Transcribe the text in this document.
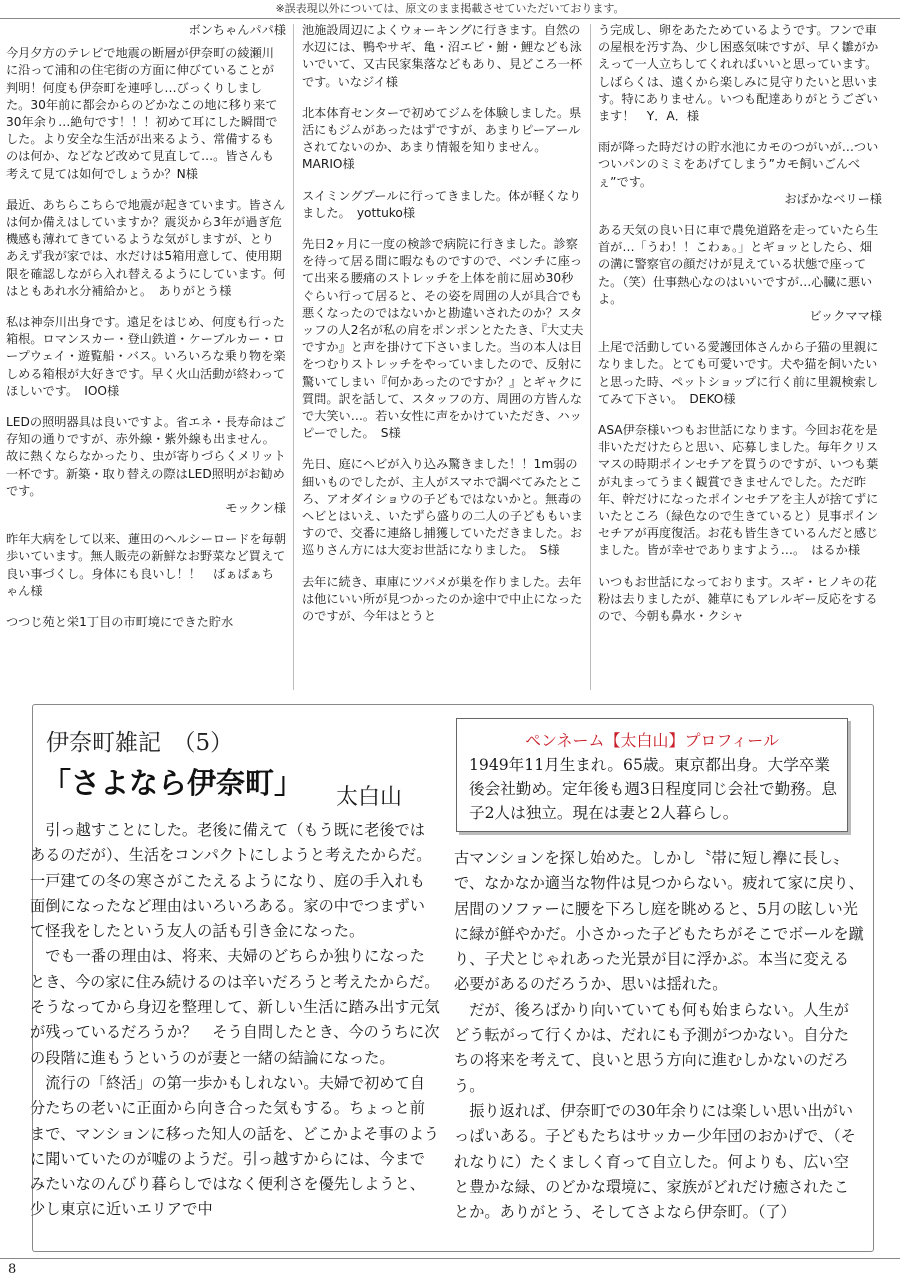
※誤表現以外については、原文のまま掲載させていただいております。
ボンちゃんパパ様
今月夕方のテレビで地震の断層が伊奈町の綾瀬川に沿って浦和の住宅街の方面に伸びていることが判明！何度も伊奈町を連呼し…びっくりしました。30年前に都会からのどかなこの地に移り来て30年余り…絶句です！！！初めて耳にした瞬間でした。より安全な生活が出来るよう、常備するものは何か、などなど改めて見直して…。皆さんも考えて見ては如何でしょうか？N様
最近、あちらこちらで地震が起きています。皆さんは何か備えはしていますか？震災から3年が過ぎ危機感も薄れてきているような気がしますが、とりあえず我が家では、水だけは5箱用意して、使用期限を確認しながら入れ替えるようにしています。何はともあれ水分補給かと。　ありがとう様
私は神奈川出身です。遠足をはじめ、何度も行った箱根。ロマンスカー・登山鉄道・ケーブルカー・ロープウェイ・遊覧船・バス。いろいろな乗り物を楽しめる箱根が大好きです。早く火山活動が終わってほしいです。　IOO様
LEDの照明器具は良いですよ。省エネ・長寿命はご存知の通りですが、赤外線・紫外線も出ません。故に熱くならなかったり、虫が寄りづらくメリット一杯です。新築・取り替えの際はLED照明がお勧めです。
モックン様
昨年大病をして以来、蓮田のヘルシーロードを毎朝歩いています。無人販売の新鮮なお野菜など買えて良い事づくし。身体にも良いし！！　ばぁばぁちゃん様
つつじ苑と栄1丁目の市町境にできた貯水
池施設周辺によくウォーキングに行きます。自然の水辺には、鴨やサギ、亀・沼エビ・鮒・鯉なども泳いでいて、又古民家集落などもあり、見どころ一杯です。いなジイ様
北本体育センターで初めてジムを体験しました。県活にもジムがあったはずですが、あまりピーアールされてないのか、あまり情報を知りません。　MARIO様
スイミングプールに行ってきました。体が軽くなりました。　yottuko様
先日2ヶ月に一度の検診で病院に行きました。診察を待って居る間に暇なものですので、ベンチに座って出来る腰痛のストレッチを上体を前に屈め30秒ぐらい行って居ると、その姿を周囲の人が具合でも悪くなったのではないかと勘違いされたのか？スタッフの人2名が私の肩をポンポンとたたき、『大丈夫ですか』と声を掛けて下さいました。当の本人は目をつむりストレッチをやっていましたので、反射に驚いてしまい『何かあったのですか？』とギャクに質問。訳を話して、スタッフの方、周囲の方皆んなで大笑い…。若い女性に声をかけていただき、ハッピーでした。　S様
先日、庭にヘビが入り込み驚きました！！1m弱の細いものでしたが、主人がスマホで調べてみたところ、アオダイショウの子どもではないかと。無毒のヘビとはいえ、いたずら盛りの二人の子どももいますので、交番に連絡し捕獲していただきました。お巡りさん方には大変お世話になりました。　S様
去年に続き、車庫にツバメが巣を作りました。去年は他にいい所が見つかったのか途中で中止になったのですが、今年はとうと
う完成し、卵をあたためているようです。フンで車の屋根を汚す為、少し困惑気味ですが、早く雛がかえって一人立ちしてくれればいいと思っています。しばらくは、遠くから楽しみに見守りたいと思います。特にありません。いつも配達ありがとうございます！　Y．A．様
雨が降った時だけの貯水池にカモのつがいが…ついついパンのミミをあげてしまう”カモ飼いごんべぇ”です。
おばかなベリー様
ある天気の良い日に車で農免道路を走っていたら生首が…「うわ！！こわぁ。」とギョッとしたら、畑の溝に警察官の顔だけが見えている状態で座ってた。（笑）仕事熱心なのはいいですが…心臓に悪いよ。
ビックママ様
上尾で活動している愛護団体さんから子猫の里親になりました。とても可愛いです。犬や猫を飼いたいと思った時、ペットショップに行く前に里親検索してみて下さい。　DEKO様
ASA伊奈様いつもお世話になります。今回お花を是非いただけたらと思い、応募しました。毎年クリスマスの時期ポインセチアを買うのですが、いつも葉が丸まってうまく観賞できませんでした。ただ昨年、幹だけになったポインセチアを主人が捨てずにいたところ（緑色なので生きていると）見事ポインセチアが再度復活。お花も皆生きているんだと感じました。皆が幸せでありますよう…。　はるか様
いつもお世話になっております。スギ・ヒノキの花粉は去りましたが、雑草にもアレルギー反応をするので、今朝も鼻水・クシャ
伊奈町雑記　（5）
「さよなら伊奈町」	太白山
ペンネーム【太白山】プロフィール
1949年11月生まれ。65歳。東京都出身。大学卒業後会社勤め。定年後も週3日程度同じ会社で勤務。息子2人は独立。現在は妻と2人暮らし。

引っ越すことにした。老後に備えて（もう既に老後ではあるのだが）、生活をコンパクトにしようと考えたからだ。一戸建ての冬の寒さがこたえるようになり、庭の手入れも面倒になったなど理由はいろいろある。家の中でつまずいて怪我をしたという友人の話も引き金になった。

でも一番の理由は、将来、夫婦のどちらか独りになったとき、今の家に住み続けるのは辛いだろうと考えたからだ。そうなってから身辺を整理して、新しい生活に踏み出す元気が残っているだろうか？　そう自問したとき、今のうちに次の段階に進もうというのが妻と一緒の結論になった。

流行の「終活」の第一歩かもしれない。夫婦で初めて自分たちの老いに正面から向き合った気もする。ちょっと前まで、マンションに移った知人の話を、どこかよそ事のように聞いていたのが嘘のようだ。引っ越すからには、今までみたいなのんびり暮らしではなく便利さを優先しようと、少し東京に近いエリアで中

古マンションを探し始めた。しかし〝帯に短し襷に長し〟で、なかなか適当な物件は見つからない。疲れて家に戻り、居間のソファーに腰を下ろし庭を眺めると、5月の眩しい光に緑が鮮やかだ。小さかった子どもたちがそこでボールを蹴り、子犬とじゃれあった光景が目に浮かぶ。本当に変える必要があるのだろうか、思いは揺れた。

だが、後ろばかり向いていても何も始まらない。人生がどう転がって行くかは、だれにも予測がつかない。自分たちの将来を考えて、良いと思う方向に進むしかないのだろう。

振り返れば、伊奈町での30年余りには楽しい思い出がいっぱいある。子どもたちはサッカー少年団のおかげで、（それなりに）たくましく育って自立した。何よりも、広い空と豊かな緑、のどかな環境に、家族がどれだけ癒されたことか。ありがとう、そしてさよなら伊奈町。（了）

8
